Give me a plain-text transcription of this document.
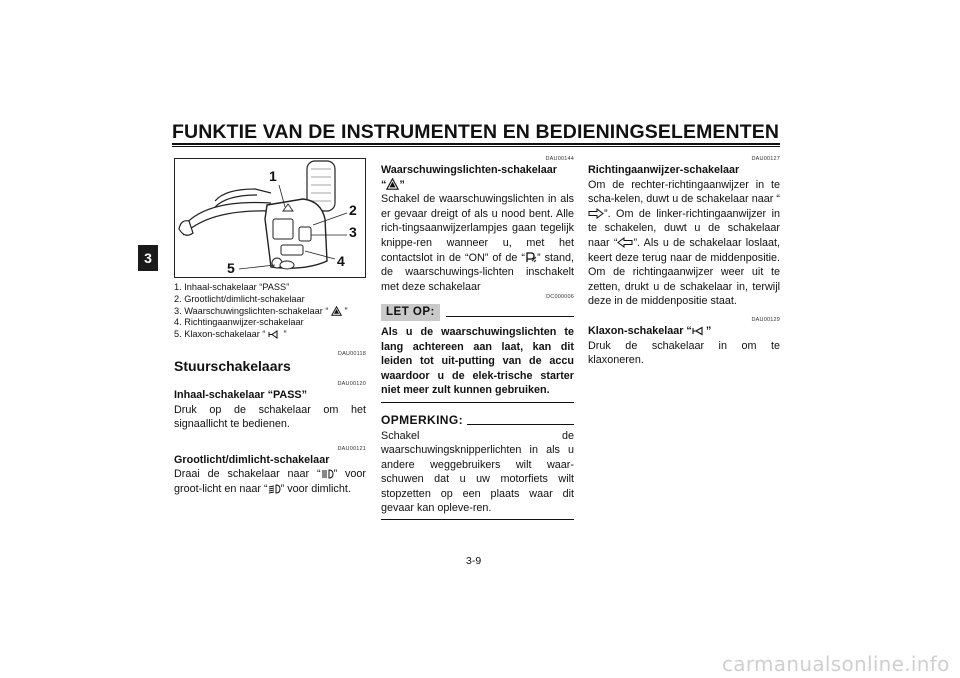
FUNKTIE VAN DE INSTRUMENTEN EN BEDIENINGSELEMENTEN
3
1
2
3
4
5
1. Inhaal-schakelaar “PASS”
2. Grootlicht/dimlicht-schakelaar
3. Waarschuwingslichten-schakelaar “ ”
4. Richtingaanwijzer-schakelaar
5. Klaxon-schakelaar “ ”
DAU00118
Stuurschakelaars
DAU00120
Inhaal-schakelaar “PASS”

Druk op de schakelaar om het signaallicht te bedienen.

DAU00121
Grootlicht/dimlicht-schakelaar

Draai de schakelaar naar “ ” voor groot-licht en naar “ ” voor dimlicht.

DAU00144
Waarschuwingslichten-schakelaar
“ ”

Schakel de waarschuwingslichten in als er gevaar dreigt of als u nood bent. Alle rich-tingsaanwijzerlampjes gaan tegelijk knippe-ren wanneer u, met het contactslot in de “ON” of de “ ” stand, de waarschuwings-lichten inschakelt met deze schakelaar

DC000006
LET OP:

Als u de waarschuwingslichten te lang achtereen aan laat, kan dit leiden tot uit-putting van de accu waardoor u de elek-trische starter niet meer zult kunnen gebruiken.

OPMERKING:

Schakel de waarschuwingsknipperlichten in als u andere weggebruikers wilt waar-schuwen dat u uw motorfiets wilt stopzetten op een plaats waar dit gevaar kan opleve-ren.

DAU00127
Richtingaanwijzer-schakelaar

Om de rechter-richtingaanwijzer in te scha-kelen, duwt u de schakelaar naar “”. Om de linker-richtingaanwijzer in te schakelen, duwt u de schakelaar naar “ ”. Als u de schakelaar loslaat, keert deze terug naar de middenpositie. Om de richtingaanwijzer weer uit te zetten, drukt u de schakelaar in, terwijl deze in de middenpositie staat.

DAU00129
Klaxon-schakelaar “ ”

Druk de schakelaar in om te klaxoneren.

3-9
carmanualsonline.info
